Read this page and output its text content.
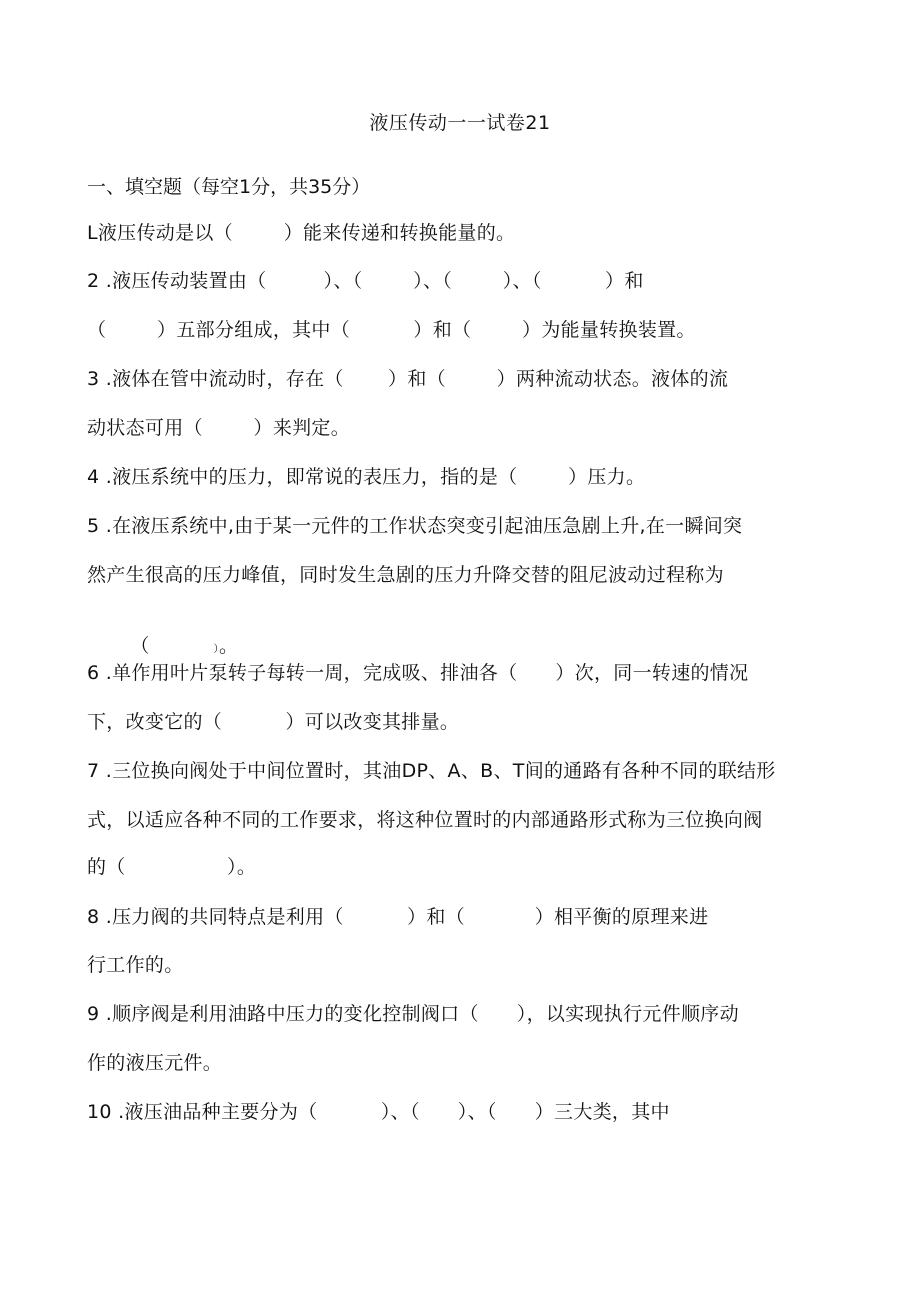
液压传动一一试卷21
一、填空题（每空1分，共35分）
L液压传动是以（        ）能来传递和转换能量的。
2 .液压传动装置由（         ）、（        ）、（        ）、（          ）和
（        ）五部分组成，其中（          ）和（        ）为能量转换装置。
3 .液体在管中流动时，存在（       ）和（        ）两种流动状态。液体的流
动状态可用（        ）来判定。
4 .液压系统中的压力，即常说的表压力，指的是（        ）压力。
5 .在液压系统中,由于某一元件的工作状态突变引起油压急剧上升,在一瞬间突
然产生很高的压力峰值，同时发生急剧的压力升降交替的阻尼波动过程称为

（	）。

6 .单作用叶片泵转子每转一周，完成吸、排油各（      ）次，同一转速的情况
下，改变它的（          ）可以改变其排量。
7 .三位换向阀处于中间位置时，其油DP、A、B、T间的通路有各种不同的联结形
式，以适应各种不同的工作要求，将这种位置时的内部通路形式称为三位换向阀
的（                ）。
8 .压力阀的共同特点是利用（          ）和（           ）相平衡的原理来进
行工作的。
9 .顺序阀是利用油路中压力的变化控制阀口（      ），以实现执行元件顺序动
作的液压元件。
10 .液压油品种主要分为（          ）、（      ）、（      ）三大类，其中
